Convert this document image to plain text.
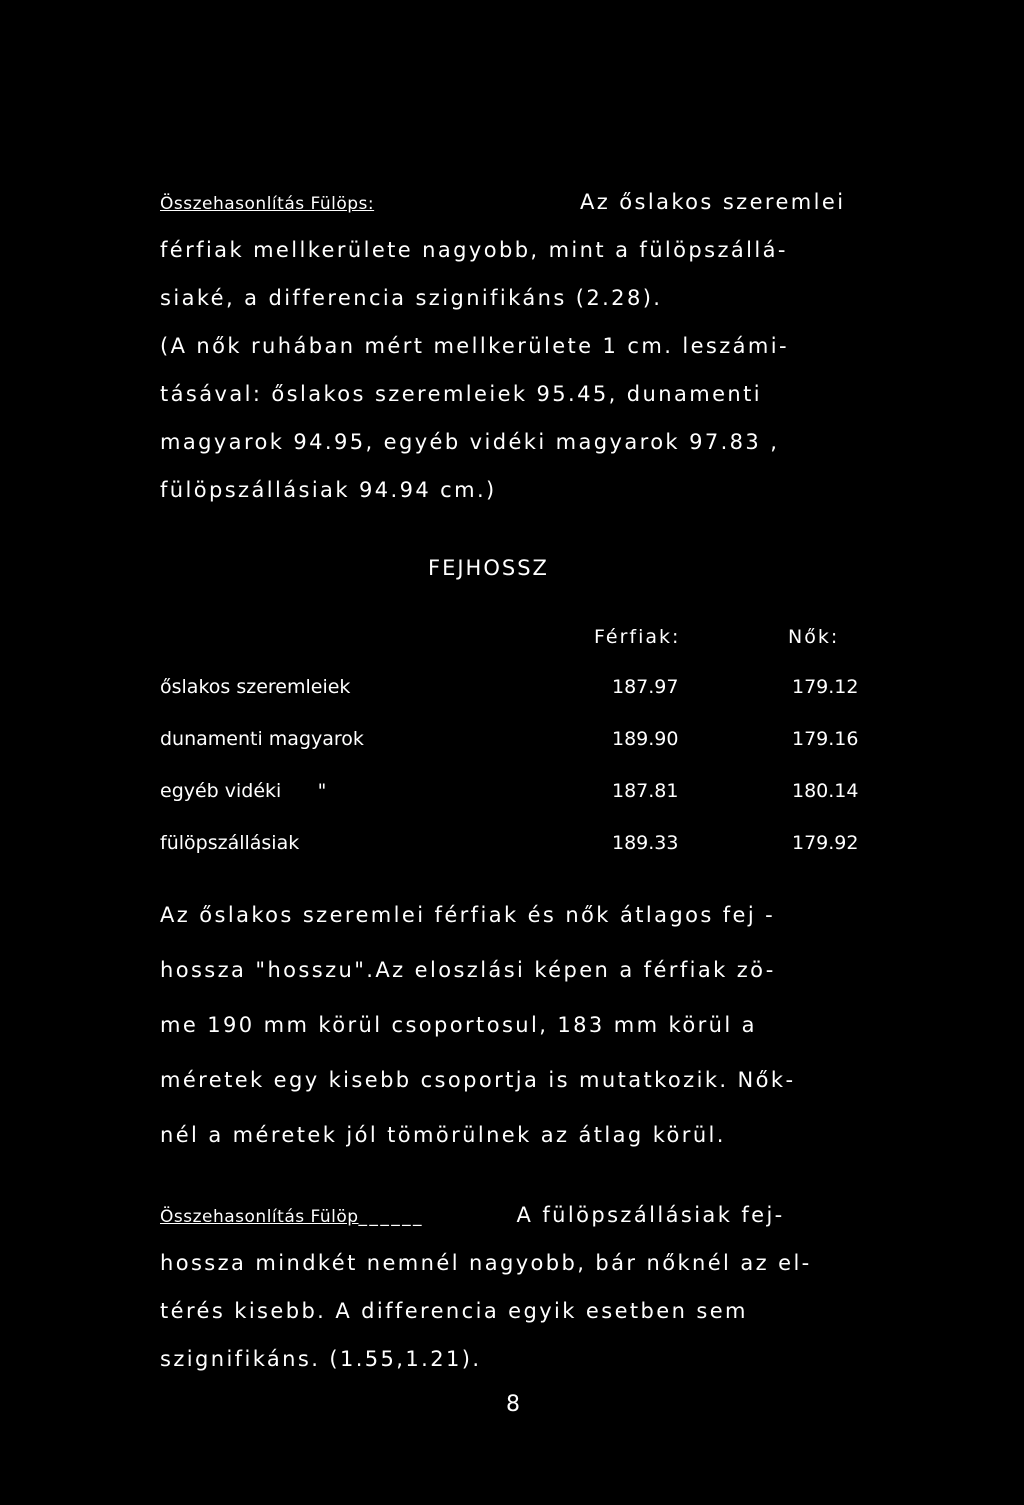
Összehasonlítás Fülöps:	Az őslakos szeremlei
férfiak mellkerülete nagyobb, mint a fülöpszállá-
siaké, a differencia szignifikáns (2.28).
(A nők ruhában mért mellkerülete 1 cm. leszámi-
tásával: őslakos szeremleiek 95.45, dunamenti
magyarok 94.95, egyéb vidéki magyarok 97.83 ,
fülöpszállásiak 94.94 cm.)
FEJHOSSZ
Férfiak:	Nők:
őslakos szeremleiek	187.97	179.12
dunamenti magyarok	189.90	179.16
egyéb vidéki      "	187.81	180.14
fülöpszállásiak	189.33	179.92
Az őslakos szeremlei férfiak és nők átlagos fej -
hossza "hosszu".Az eloszlási képen a férfiak zö-
me 190 mm körül csoportosul, 183 mm körül a
méretek egy kisebb csoportja is mutatkozik. Nők-
nél a méretek jól tömörülnek az átlag körül.
Összehasonlítás Fülöp______	A fülöpszállásiak fej-
hossza mindkét nemnél nagyobb, bár nőknél az el-
térés kisebb. A differencia egyik esetben sem
szignifikáns. (1.55,1.21).
8
